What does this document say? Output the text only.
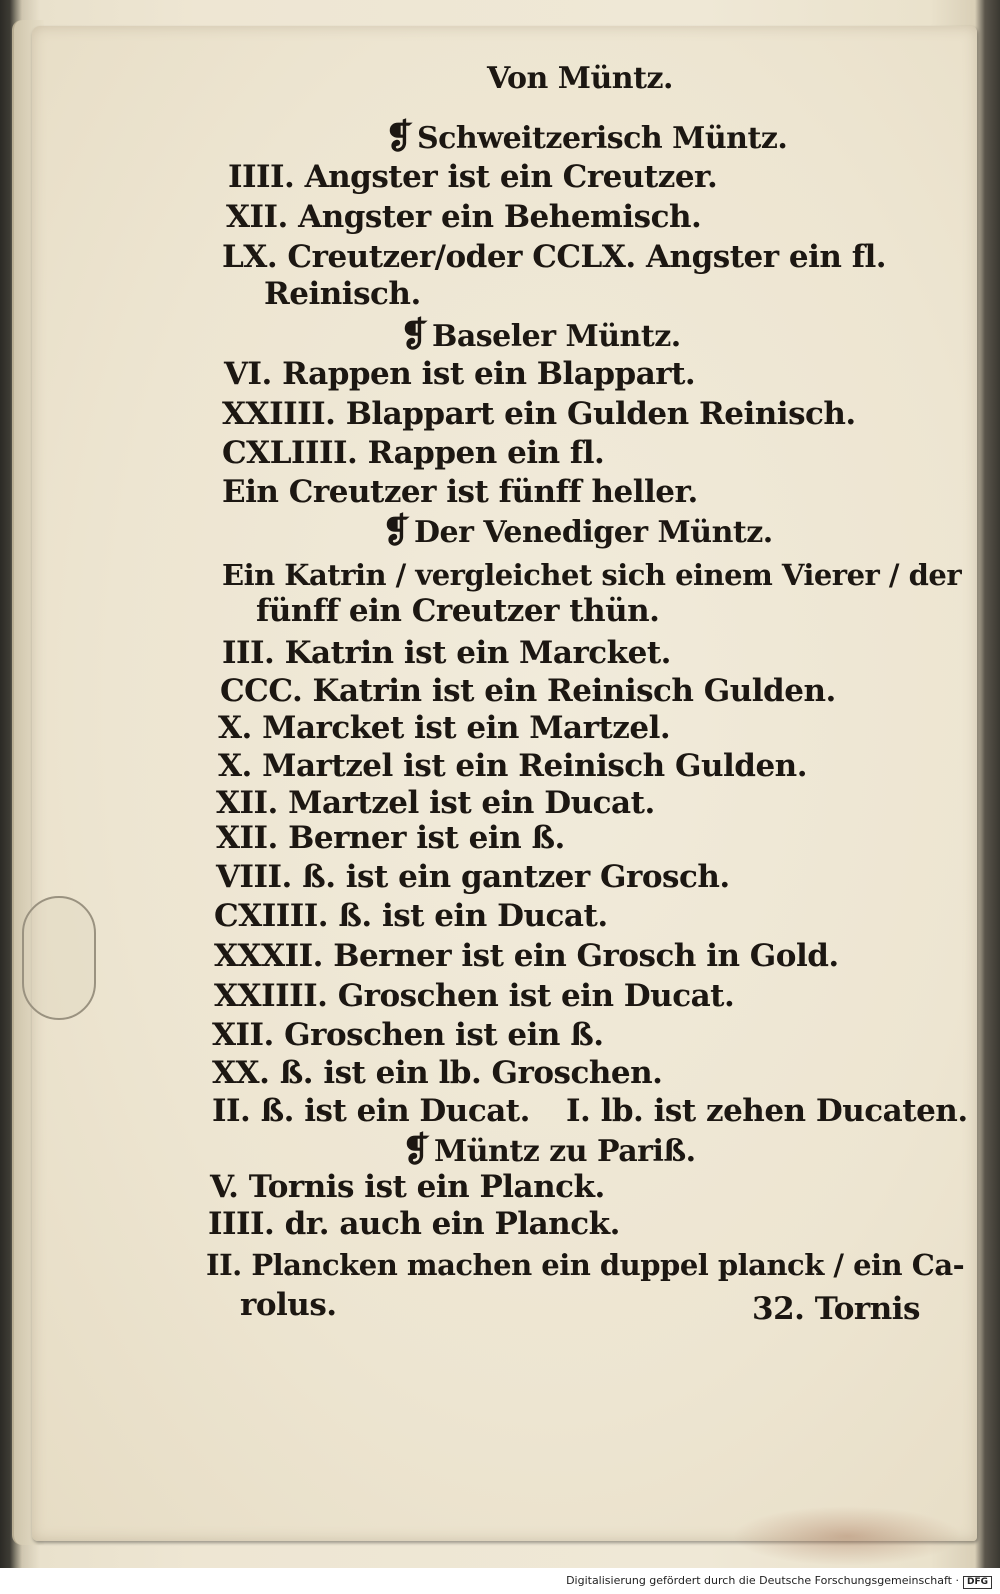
Von Müntz.
❡ Schweitzerisch Müntz.
IIII. Angster ist ein Creutzer.
XII. Angster ein Behemisch.
LX. Creutzer/oder CCLX. Angster ein fl.
Reinisch.
❡ Baseler Müntz.
VI. Rappen ist ein Blappart.
XXIIII. Blappart ein Gulden Reinisch.
CXLIIII. Rappen ein fl.
Ein Creutzer ist fünff heller.
❡ Der Venediger Müntz.
Ein Katrin / vergleichet sich einem Vierer / der
fünff ein Creutzer thün.
III. Katrin ist ein Marcket.
CCC. Katrin ist ein Reinisch Gulden.
X. Marcket ist ein Martzel.
X. Martzel ist ein Reinisch Gulden.
XII. Martzel ist ein Ducat.
XII. Berner ist ein ß.
VIII. ß. ist ein gantzer Grosch.
CXIIII. ß. ist ein Ducat.
XXXII. Berner ist ein Grosch in Gold.
XXIIII. Groschen ist ein Ducat.
XII. Groschen ist ein ß.
XX. ß. ist ein lb. Groschen.
II. ß. ist ein Ducat. I. lb. ist zehen Ducaten.
❡ Müntz zu Pariß.
V. Tornis ist ein Planck.
IIII. dr. auch ein Planck.
II. Plancken machen ein duppel planck / ein Ca-
rolus.	32. Tornis
Digitalisierung gefördert durch die Deutsche Forschungsgemeinschaft · DFG
